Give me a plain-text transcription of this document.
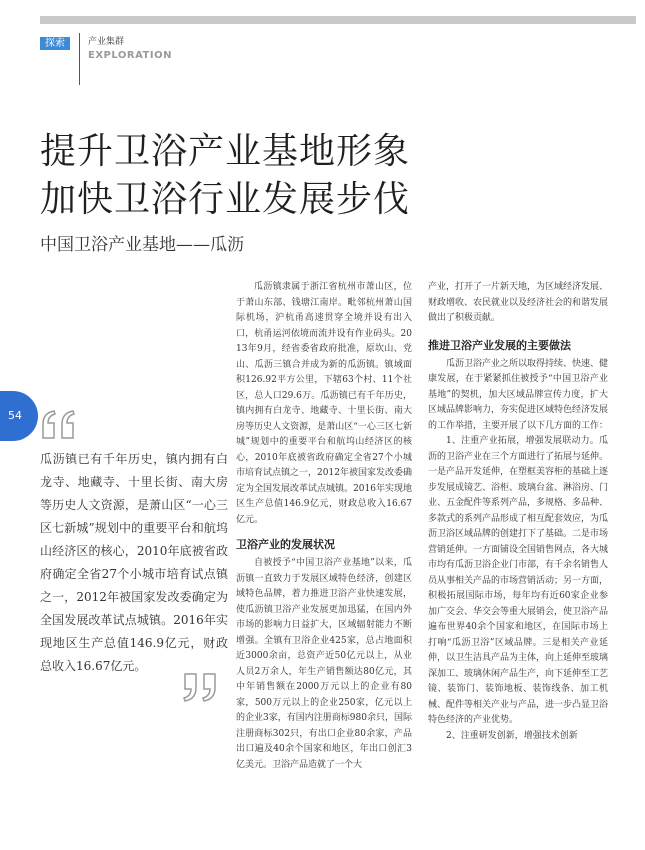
探索	产业集群
EXPLORATION
提升卫浴产业基地形象
加快卫浴行业发展步伐
中国卫浴产业基地——瓜沥
54

瓜沥镇已有千年历史，镇内拥有白龙寺、地藏寺、十里长街、南大房等历史人文资源，是萧山区“一心三区七新城”规划中的重要平台和航坞山经济区的核心，2010年底被省政府确定全省27个小城市培育试点镇之一，2012年被国家发改委确定为全国发展改革试点城镇。2016年实现地区生产总值146.9亿元，财政总收入16.67亿元。

瓜沥镇隶属于浙江省杭州市萧山区，位于萧山东部、钱塘江南岸。毗邻杭州萧山国际机场，沪杭甬高速贯穿全境并设有出入口，杭甬运河依境而流并设有作业码头。2013年9月，经省委省政府批准，原坎山、党山、瓜沥三镇合并成为新的瓜沥镇。镇域面积126.92平方公里，下辖63个村、11个社区，总人口29.6万。瓜沥镇已有千年历史，镇内拥有白龙寺、地藏寺、十里长街、南大房等历史人文资源，是萧山区“一心三区七新城”规划中的重要平台和航坞山经济区的核心，2010年底被省政府确定全省27个小城市培育试点镇之一，2012年被国家发改委确定为全国发展改革试点城镇。2016年实现地区生产总值146.9亿元，财政总收入16.67亿元。

卫浴产业的发展状况

自被授予“中国卫浴产业基地”以来，瓜沥镇一直致力于发展区域特色经济，创建区域特色品牌，着力推进卫浴产业快速发展，使瓜沥镇卫浴产业发展更加迅猛，在国内外市场的影响力日益扩大，区域辐射能力不断增强。全镇有卫浴企业425家，总占地面积近3000余亩，总资产近50亿元以上，从业人员2万余人，年生产销售额达80亿元，其中年销售额在2000万元以上的企业有80家，500万元以上的企业250家，亿元以上的企业3家，有国内注册商标980余只，国际注册商标302只，有出口企业80余家，产品出口遍及40余个国家和地区，年出口创汇3亿美元。卫浴产品造就了一个大

产业，打开了一片新天地，为区域经济发展、财政增收、农民就业以及经济社会的和谐发展做出了积极贡献。

推进卫浴产业发展的主要做法

瓜沥卫浴产业之所以取得持续、快速、健康发展，在于紧紧抓住被授予“中国卫浴产业基地”的契机，加大区域品牌宣传力度，扩大区域品牌影响力，夯实促进区域特色经济发展的工作举措，主要开展了以下几方面的工作：

1、注重产业拓展，增强发展联动力。瓜沥的卫浴产业在三个方面进行了拓展与延伸。一是产品开发延伸，在塑框美容柜的基础上逐步发展成镜艺、浴柜、玻璃台盆、淋浴房、门业、五金配件等系列产品，多规格、多品种、多款式的系列产品形成了相互配套效应，为瓜沥卫浴区域品牌的创建打下了基础。二是市场营销延伸。一方面铺设全国销售网点，各大城市均有瓜沥卫浴企业门市部，有千余名销售人员从事相关产品的市场营销活动；另一方面，积极拓展国际市场，每年均有近60家企业参加广交会、华交会等重大展销会，使卫浴产品遍布世界40余个国家和地区，在国际市场上打响“瓜沥卫浴”区域品牌。三是相关产业延伸，以卫生洁具产品为主体，向上延伸至玻璃深加工、玻璃休闲产品生产，向下延伸至工艺镜、装饰门、装饰地板、装饰线条、加工机械、配件等相关产业与产品，进一步凸显卫浴特色经济的产业优势。

2、注重研发创新，增强技术创新
